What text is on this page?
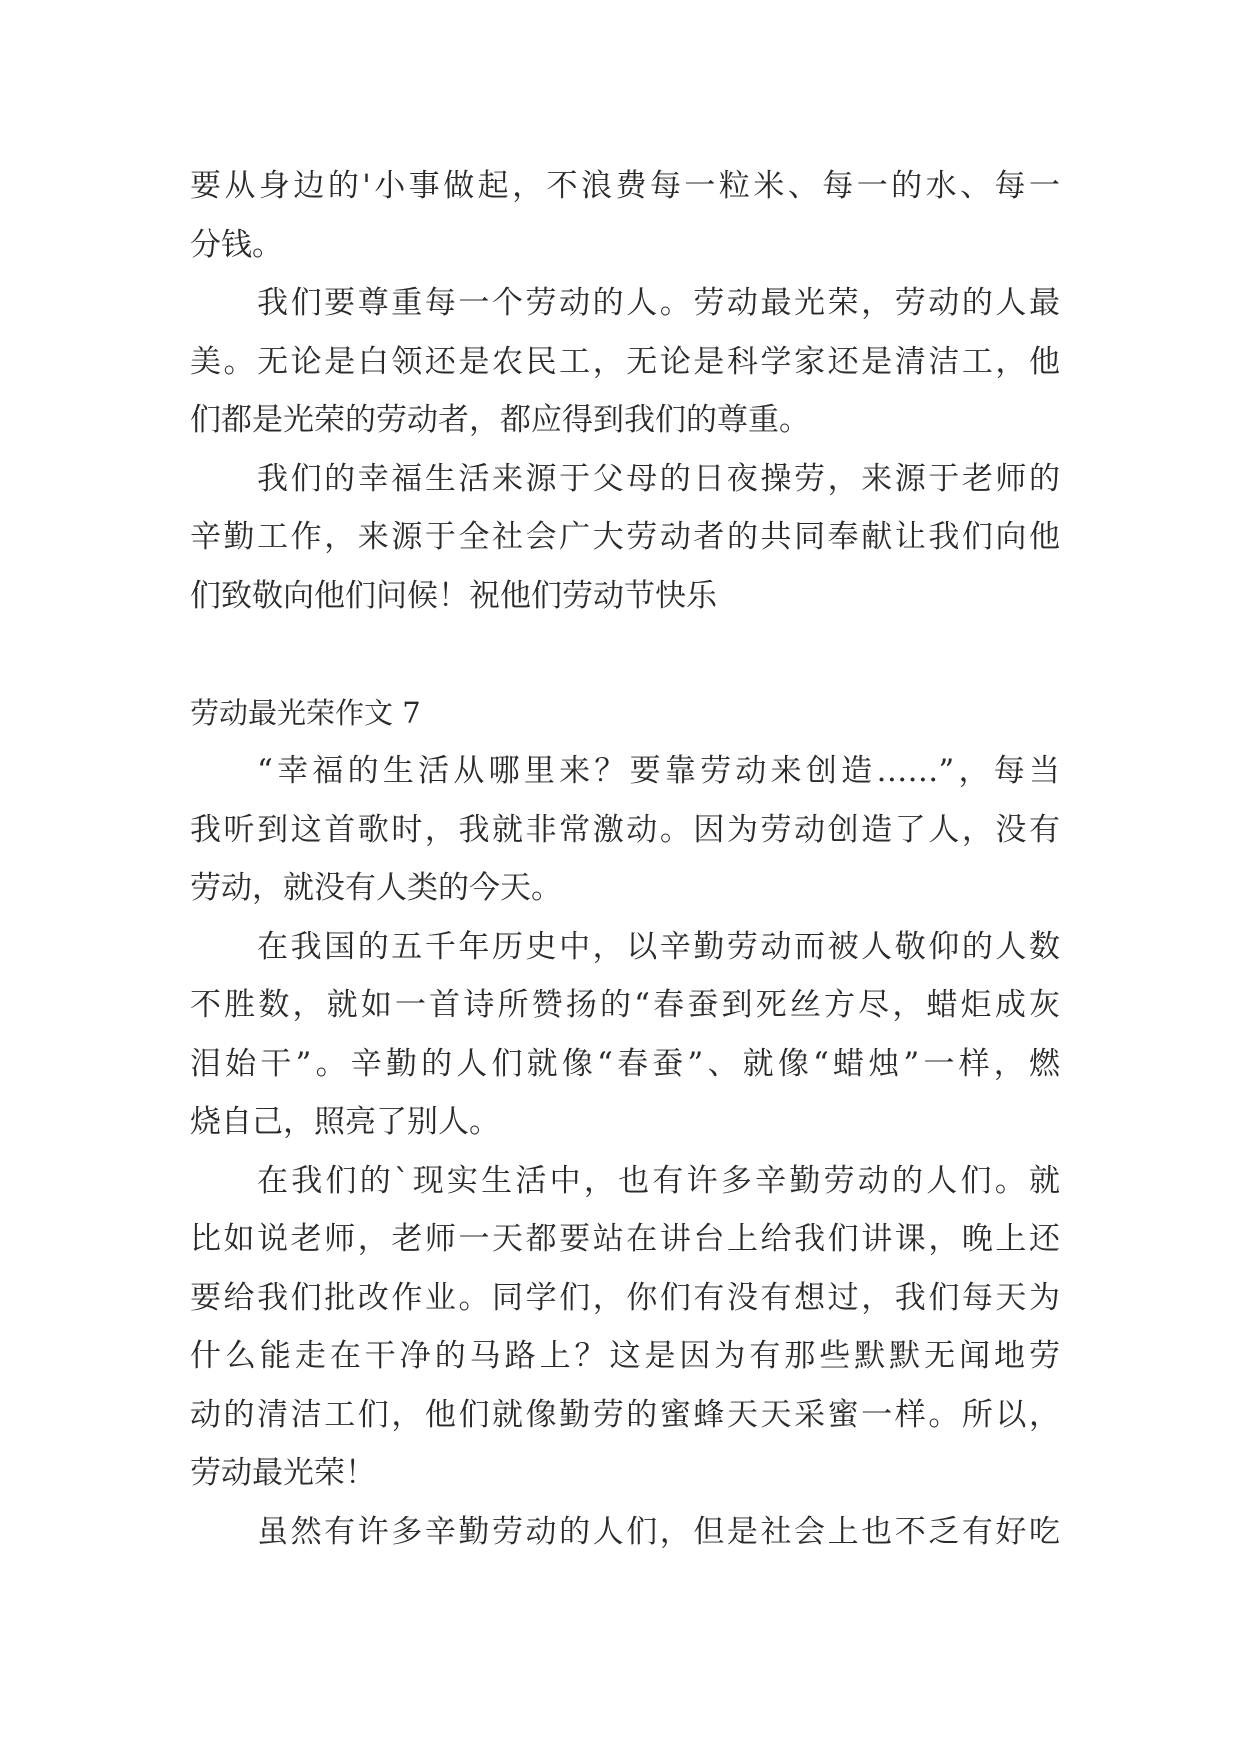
要从身边的'小事做起，不浪费每一粒米、每一的水、每一
分钱。
我们要尊重每一个劳动的人。劳动最光荣，劳动的人最
美。无论是白领还是农民工，无论是科学家还是清洁工，他
们都是光荣的劳动者，都应得到我们的尊重。
我们的幸福生活来源于父母的日夜操劳，来源于老师的
辛勤工作，来源于全社会广大劳动者的共同奉献让我们向他
们致敬向他们问候！祝他们劳动节快乐
劳动最光荣作文 7
“幸福的生活从哪里来？要靠劳动来创造……”，每当
我听到这首歌时，我就非常激动。因为劳动创造了人，没有
劳动，就没有人类的今天。
在我国的五千年历史中，以辛勤劳动而被人敬仰的人数
不胜数，就如一首诗所赞扬的“春蚕到死丝方尽，蜡炬成灰
泪始干”。辛勤的人们就像“春蚕”、就像“蜡烛”一样，燃
烧自己，照亮了别人。
在我们的`现实生活中，也有许多辛勤劳动的人们。就
比如说老师，老师一天都要站在讲台上给我们讲课，晚上还
要给我们批改作业。同学们，你们有没有想过，我们每天为
什么能走在干净的马路上？这是因为有那些默默无闻地劳
动的清洁工们，他们就像勤劳的蜜蜂天天采蜜一样。所以，
劳动最光荣！
虽然有许多辛勤劳动的人们，但是社会上也不乏有好吃
